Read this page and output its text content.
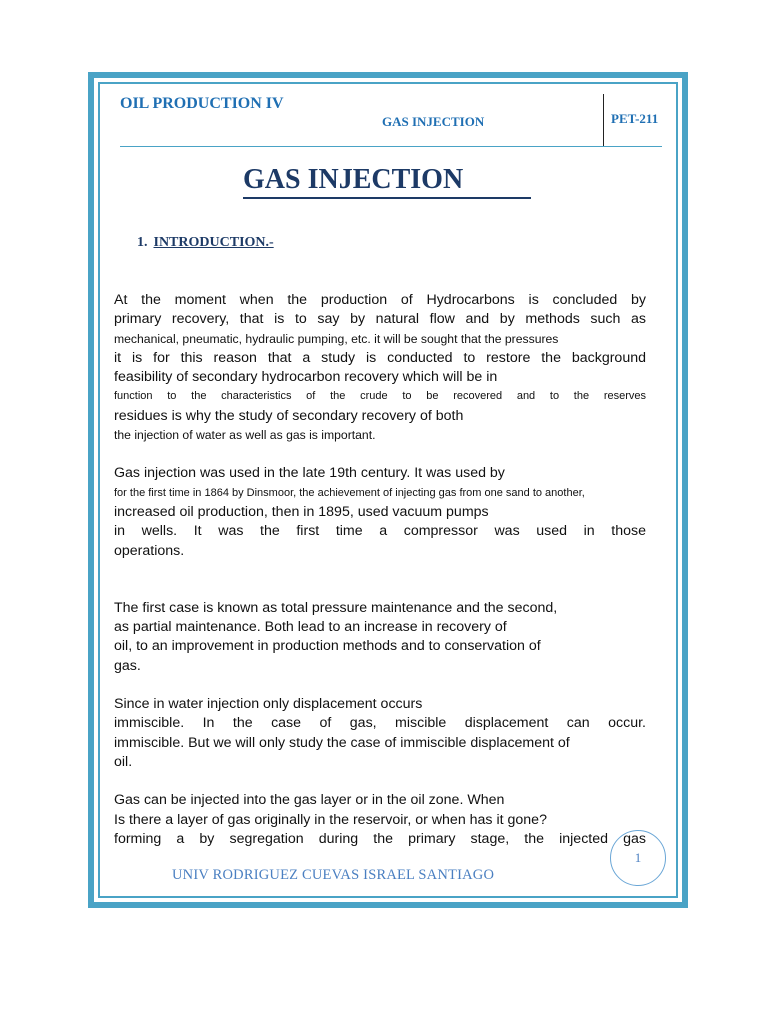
OIL PRODUCTION IV
GAS INJECTION	PET-211
GAS INJECTION
1. INTRODUCTION.-
At the moment when the production of Hydrocarbons is concluded by
primary recovery, that is to say by natural flow and by methods such as
mechanical, pneumatic, hydraulic pumping, etc. it will be sought that the pressures
it is for this reason that a study is conducted to restore the background
feasibility of secondary hydrocarbon recovery which will be in
function to the characteristics of the crude to be recovered and to the reserves
residues is why the study of secondary recovery of both
the injection of water as well as gas is important.
Gas injection was used in the late 19th century. It was used by
for the first time in 1864 by Dinsmoor, the achievement of injecting gas from one sand to another,
increased oil production, then in 1895, used vacuum pumps
in wells. It was the first time a compressor was used in those
operations.
The first case is known as total pressure maintenance and the second,
as partial maintenance. Both lead to an increase in recovery of
oil, to an improvement in production methods and to conservation of
gas.
Since in water injection only displacement occurs
immiscible. In the case of gas, miscible displacement can occur.
immiscible. But we will only study the case of immiscible displacement of
oil.
Gas can be injected into the gas layer or in the oil zone. When
Is there a layer of gas originally in the reservoir, or when has it gone?
forming a by segregation during the primary stage, the injected gas
UNIV RODRIGUEZ CUEVAS ISRAEL SANTIAGO
1
